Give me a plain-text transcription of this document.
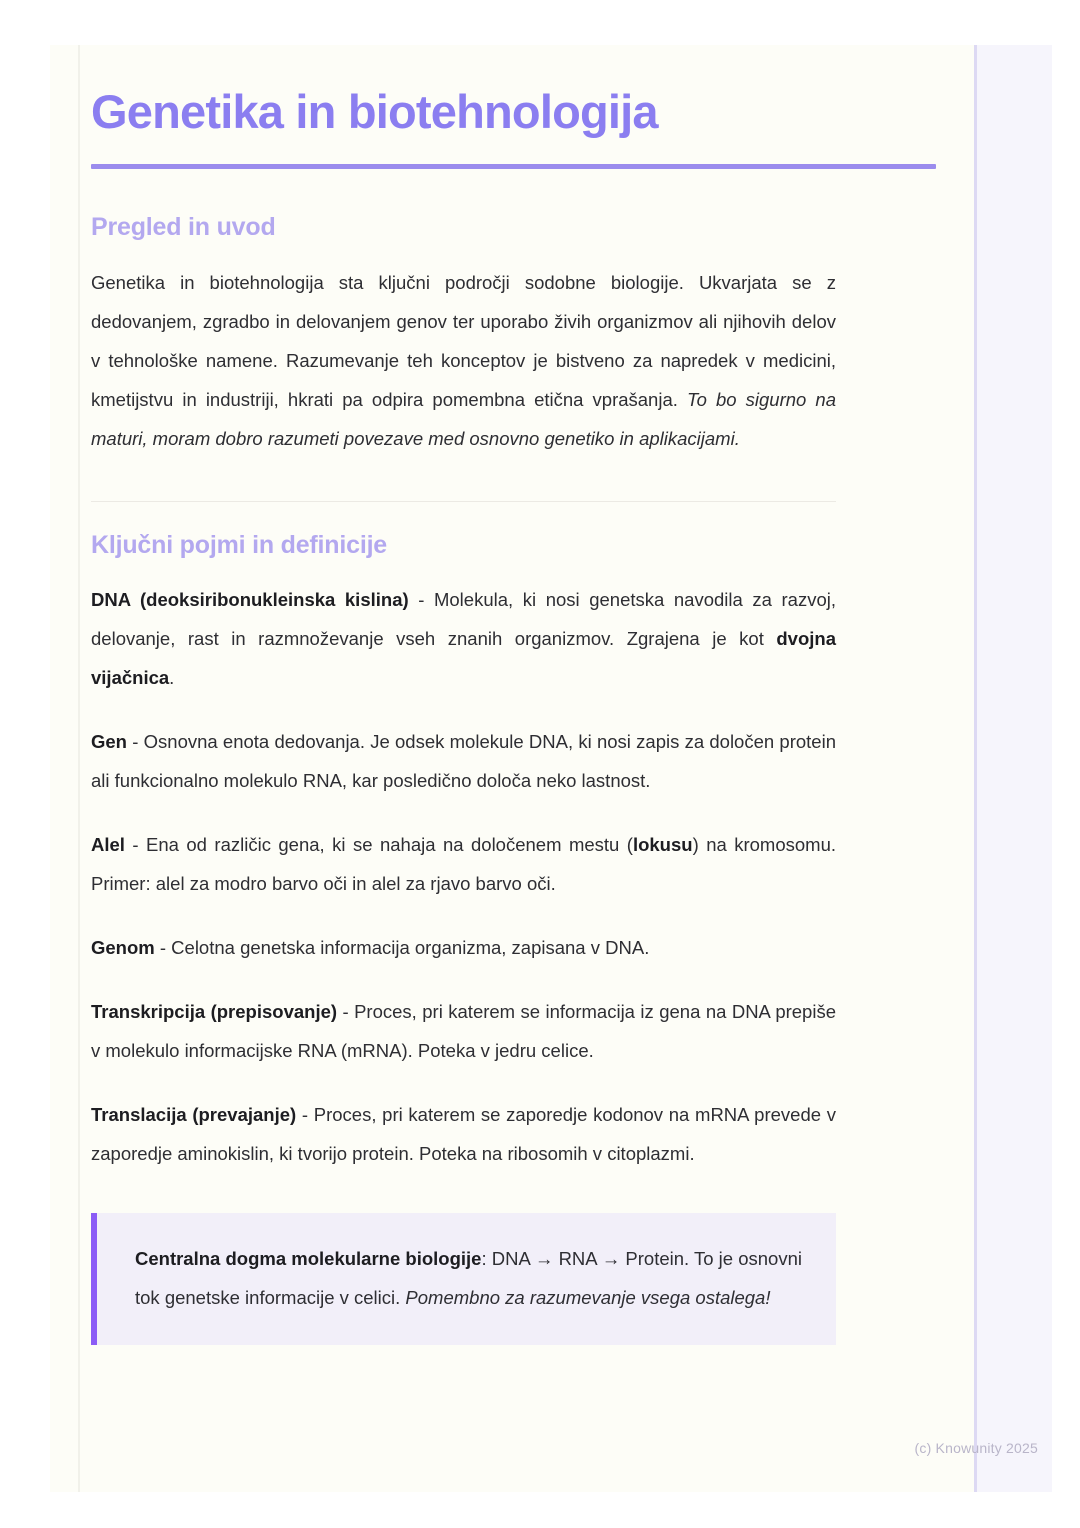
Genetika in biotehnologija
Pregled in uvod

Genetika in biotehnologija sta ključni področji sodobne biologije. Ukvarjata se z dedovanjem, zgradbo in delovanjem genov ter uporabo živih organizmov ali njihovih delov v tehnološke namene. Razumevanje teh konceptov je bistveno za napredek v medicini, kmetijstvu in industriji, hkrati pa odpira pomembna etična vprašanja. To bo sigurno na maturi, moram dobro razumeti povezave med osnovno genetiko in aplikacijami.

Ključni pojmi in definicije

DNA (deoksiribonukleinska kislina) - Molekula, ki nosi genetska navodila za razvoj, delovanje, rast in razmnoževanje vseh znanih organizmov. Zgrajena je kot dvojna vijačnica.

Gen - Osnovna enota dedovanja. Je odsek molekule DNA, ki nosi zapis za določen protein ali funkcionalno molekulo RNA, kar posledično določa neko lastnost.

Alel - Ena od različic gena, ki se nahaja na določenem mestu (lokusu) na kromosomu. Primer: alel za modro barvo oči in alel za rjavo barvo oči.

Genom - Celotna genetska informacija organizma, zapisana v DNA.

Transkripcija (prepisovanje) - Proces, pri katerem se informacija iz gena na DNA prepiše v molekulo informacijske RNA (mRNA). Poteka v jedru celice.

Translacija (prevajanje) - Proces, pri katerem se zaporedje kodonov na mRNA prevede v zaporedje aminokislin, ki tvorijo protein. Poteka na ribosomih v citoplazmi.

Centralna dogma molekularne biologije: DNA → RNA → Protein. To je osnovni tok genetske informacije v celici. Pomembno za razumevanje vsega ostalega!

(c) Knowunity 2025
